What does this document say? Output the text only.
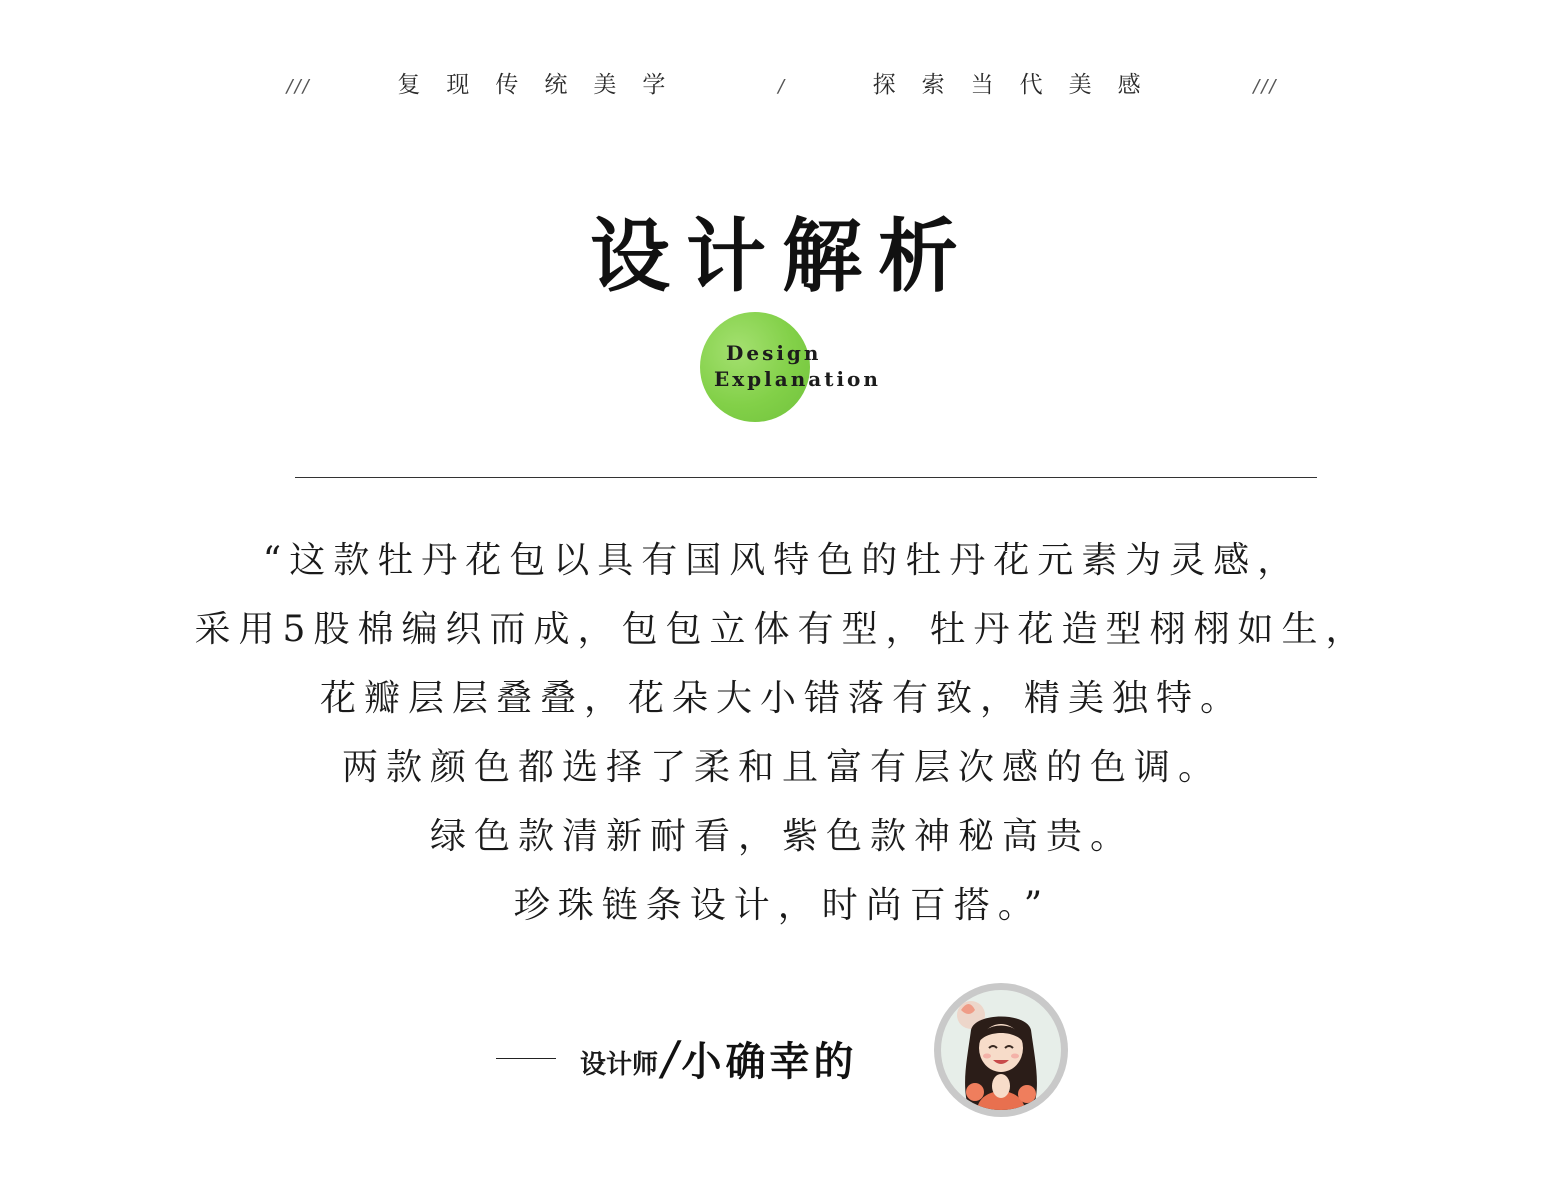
///	复现传统美学	/	探索当代美感	///
设计解析
Design
Explanation
“这款牡丹花包以具有国风特色的牡丹花元素为灵感，
采用5股棉编织而成，包包立体有型，牡丹花造型栩栩如生，
花瓣层层叠叠，花朵大小错落有致，精美独特。
两款颜色都选择了柔和且富有层次感的色调。
绿色款清新耐看，紫色款神秘高贵。
珍珠链条设计，时尚百搭。”
设计师 / 小确幸的
